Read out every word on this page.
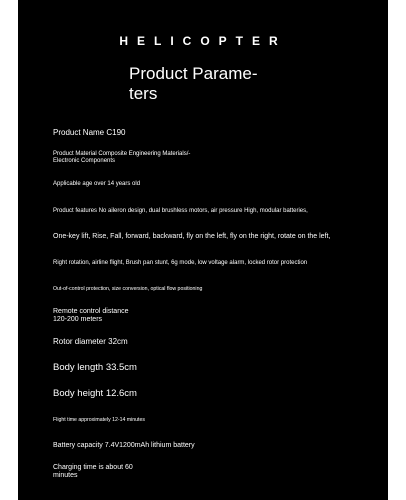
HELICOPTER
Product Parame-
ters
Product Name C190
Product Material Composite Engineering Materials/-
Electronic Components
Applicable age over 14 years old
Product features No aileron design, dual brushless motors, air pressure High, modular batteries,
One-key lift, Rise, Fall, forward, backward, fly on the left, fly on the right, rotate on the left,
Right rotation, airline flight, Brush pan stunt, 6g mode, low voltage alarm, locked rotor protection
Out-of-control protection, size conversion, optical flow positioning
Remote control distance
120-200 meters
Rotor diameter 32cm
Body length 33.5cm
Body height 12.6cm
Flight time approximately 12-14 minutes
Battery capacity 7.4V1200mAh lithium battery
Charging time is about 60
minutes
